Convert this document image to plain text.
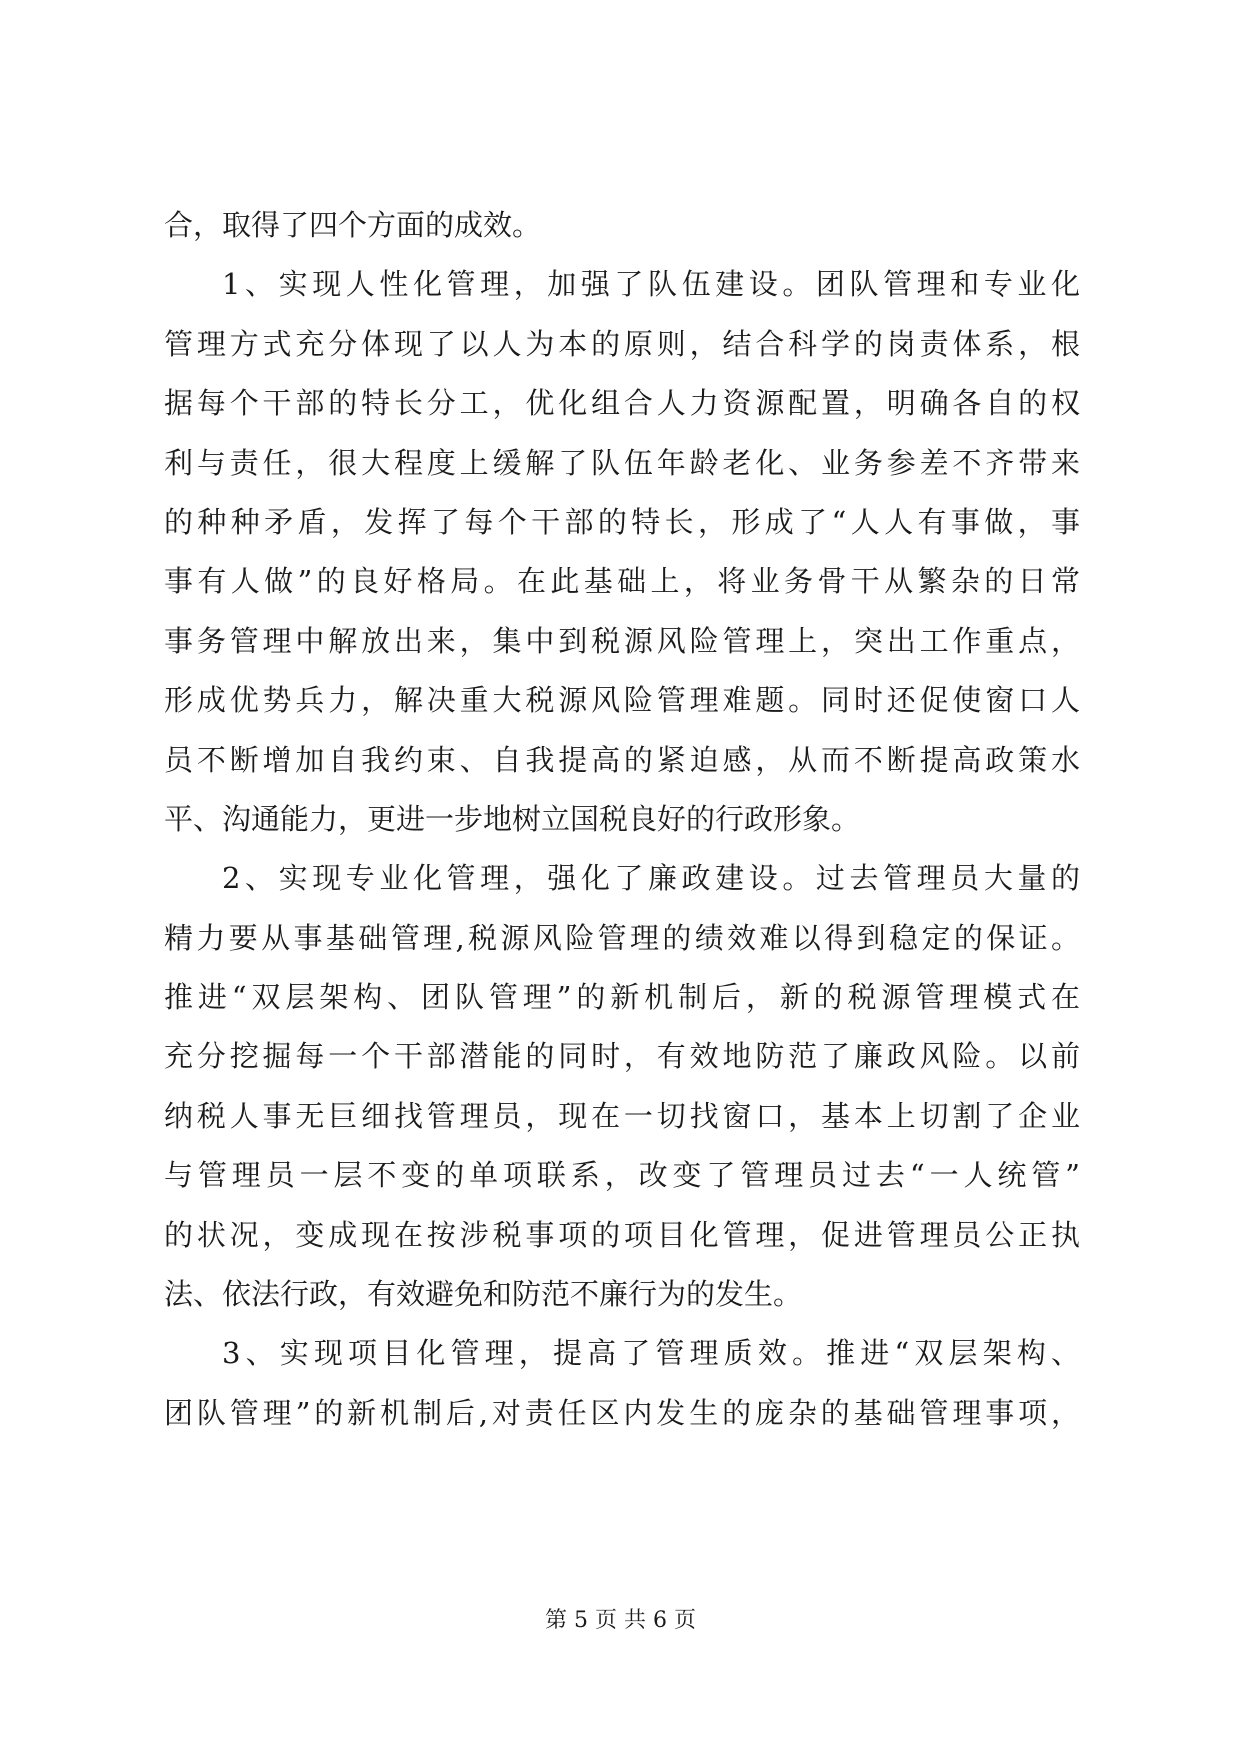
合，取得了四个方面的成效。
1、实现人性化管理，加强了队伍建设。团队管理和专业化
管理方式充分体现了以人为本的原则，结合科学的岗责体系，根
据每个干部的特长分工，优化组合人力资源配置，明确各自的权
利与责任，很大程度上缓解了队伍年龄老化、业务参差不齐带来
的种种矛盾，发挥了每个干部的特长，形成了“人人有事做，事
事有人做”的良好格局。在此基础上，将业务骨干从繁杂的日常
事务管理中解放出来，集中到税源风险管理上，突出工作重点，
形成优势兵力，解决重大税源风险管理难题。同时还促使窗口人
员不断增加自我约束、自我提高的紧迫感，从而不断提高政策水
平、沟通能力，更进一步地树立国税良好的行政形象。
2、实现专业化管理，强化了廉政建设。过去管理员大量的
精力要从事基础管理,税源风险管理的绩效难以得到稳定的保证。
推进“双层架构、团队管理”的新机制后，新的税源管理模式在
充分挖掘每一个干部潜能的同时，有效地防范了廉政风险。以前
纳税人事无巨细找管理员，现在一切找窗口，基本上切割了企业
与管理员一层不变的单项联系，改变了管理员过去“一人统管”
的状况，变成现在按涉税事项的项目化管理，促进管理员公正执
法、依法行政，有效避免和防范不廉行为的发生。
3、实现项目化管理，提高了管理质效。推进“双层架构、
团队管理”的新机制后,对责任区内发生的庞杂的基础管理事项，
第 5 页 共 6 页
